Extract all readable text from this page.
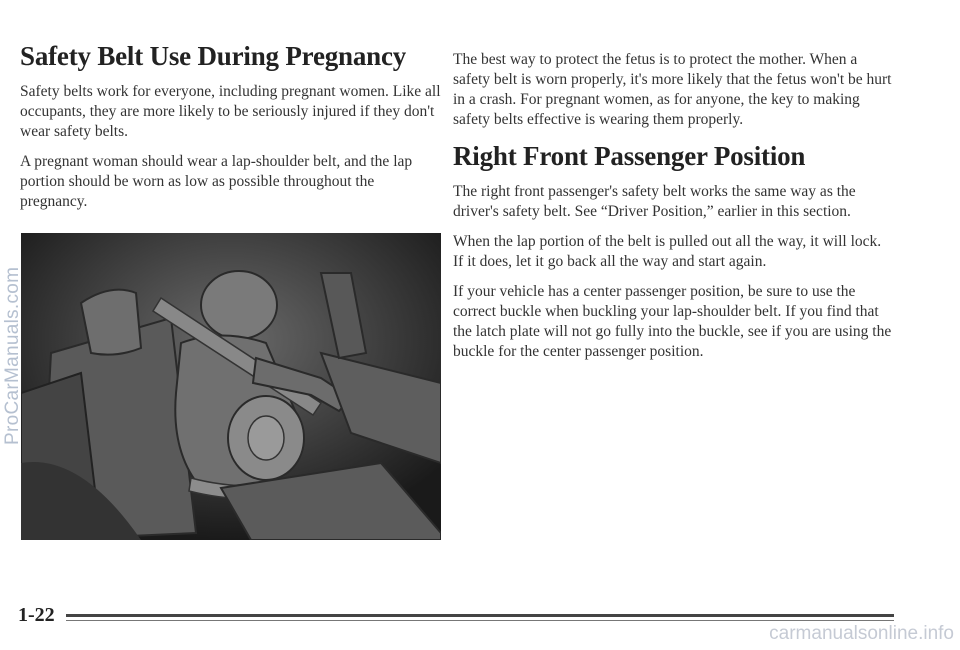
Safety Belt Use During Pregnancy

Safety belts work for everyone, including pregnant women. Like all occupants, they are more likely to be seriously injured if they don't wear safety belts.

A pregnant woman should wear a lap-shoulder belt, and the lap portion should be worn as low as possible throughout the pregnancy.

The best way to protect the fetus is to protect the mother. When a safety belt is worn properly, it's more likely that the fetus won't be hurt in a crash. For pregnant women, as for anyone, the key to making safety belts effective is wearing them properly.

Right Front Passenger Position

The right front passenger's safety belt works the same way as the driver's safety belt. See “Driver Position,” earlier in this section.

When the lap portion of the belt is pulled out all the way, it will lock. If it does, let it go back all the way and start again.

If your vehicle has a center passenger position, be sure to use the correct buckle when buckling your lap-shoulder belt. If you find that the latch plate will not go fully into the buckle, see if you are using the buckle for the center passenger position.

ProCarManuals.com
1-22
carmanualsonline.info
